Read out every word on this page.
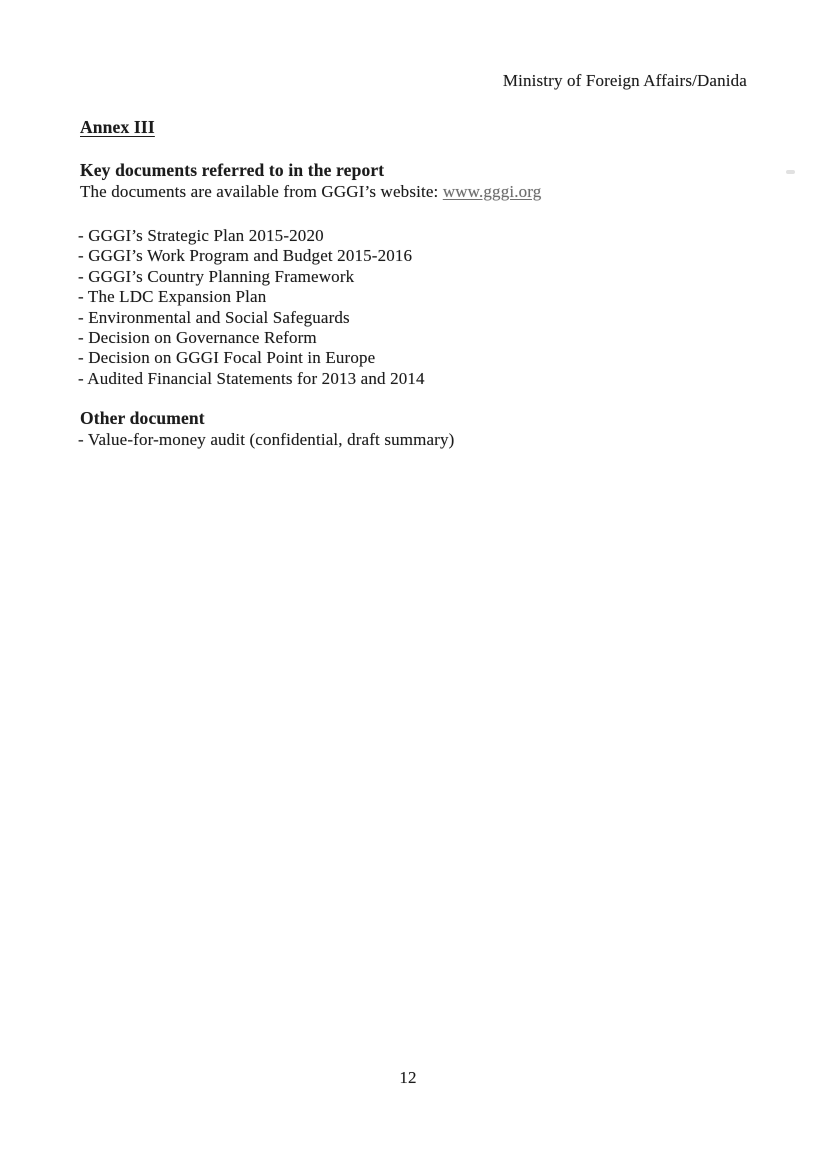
Ministry of Foreign Affairs/Danida
Annex III
Key documents referred to in the report
The documents are available from GGGI’s website: www.gggi.org
- GGGI’s Strategic Plan 2015-2020
- GGGI’s Work Program and Budget 2015-2016
- GGGI’s Country Planning Framework
- The LDC Expansion Plan
- Environmental and Social Safeguards
- Decision on Governance Reform
- Decision on GGGI Focal Point in Europe
- Audited Financial Statements for 2013 and 2014
Other document
- Value-for-money audit (confidential, draft summary)
12
